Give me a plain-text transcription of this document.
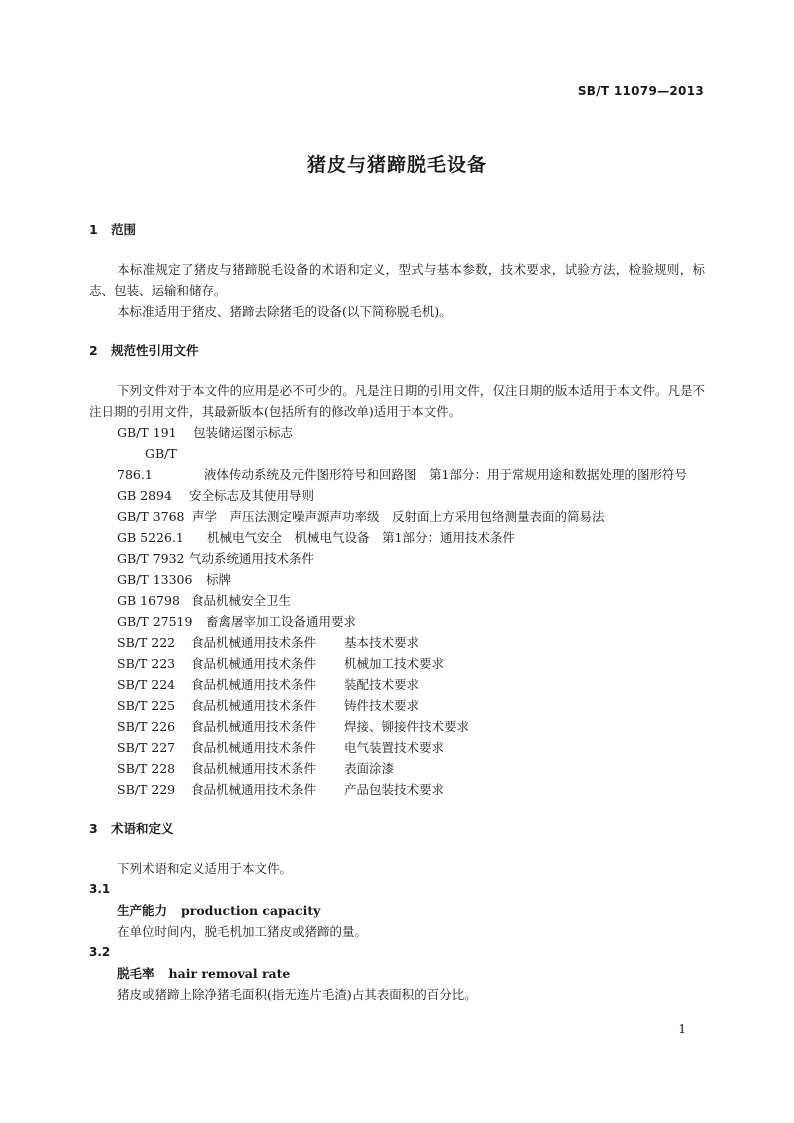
SB/T 11079—2013
猪皮与猪蹄脱毛设备
1 范围

本标准规定了猪皮与猪蹄脱毛设备的术语和定义，型式与基本参数，技术要求，试验方法，检验规则，标志、包装、运输和储存。

本标准适用于猪皮、猪蹄去除猪毛的设备(以下简称脱毛机)。

2 规范性引用文件

下列文件对于本文件的应用是必不可少的。凡是注日期的引用文件，仅注日期的版本适用于本文件。凡是不注日期的引用文件，其最新版本(包括所有的修改单)适用于本文件。

GB/T 191 包装储运图示标志
GB/T 786.1	液体传动系统及元件图形符号和回路图　 第1部分：用于常规用途和数据处理的图形符号
GB 2894 安全标志及其使用导则
GB/T 3768 声学　声压法测定噪声源声功率级　反射面上方采用包络测量表面的简易法
GB 5226.1 机械电气安全　机械电气设备　第1部分：通用技术条件
GB/T 7932 气动系统通用技术条件
GB/T 13306 标牌
GB 16798 食品机械安全卫生
GB/T 27519 畜禽屠宰加工设备通用要求
SB/T 222 食品机械通用技术条件 基本技术要求
SB/T 223 食品机械通用技术条件 机械加工技术要求
SB/T 224 食品机械通用技术条件 装配技术要求
SB/T 225 食品机械通用技术条件 铸件技术要求
SB/T 226 食品机械通用技术条件 焊接、铆接件技术要求
SB/T 227 食品机械通用技术条件 电气装置技术要求
SB/T 228 食品机械通用技术条件 表面涂漆
SB/T 229 食品机械通用技术条件 产品包装技术要求
3 术语和定义

下列术语和定义适用于本文件。

3.1
生产能力 production capacity
在单位时间内，脱毛机加工猪皮或猪蹄的量。
3.2
脱毛率 hair removal rate
猪皮或猪蹄上除净猪毛面积(指无连片毛渣)占其表面积的百分比。
1
